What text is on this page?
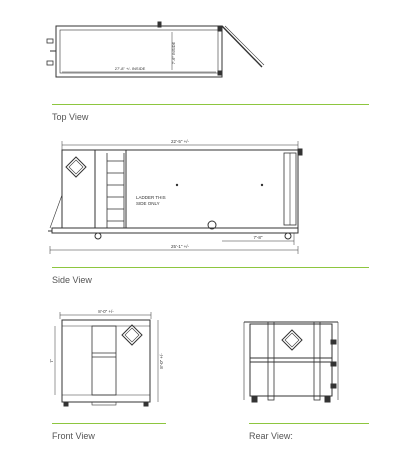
27'-8" +/- INSIDE
7'-6" INSIDE
Top View
22'-5" +/-
25'-1" +/-
7'-8"
LADDER THIS
SIDE ONLY
Side View
8'-0" +/-
7'	8'-0" +/-
Front View	Rear View:
